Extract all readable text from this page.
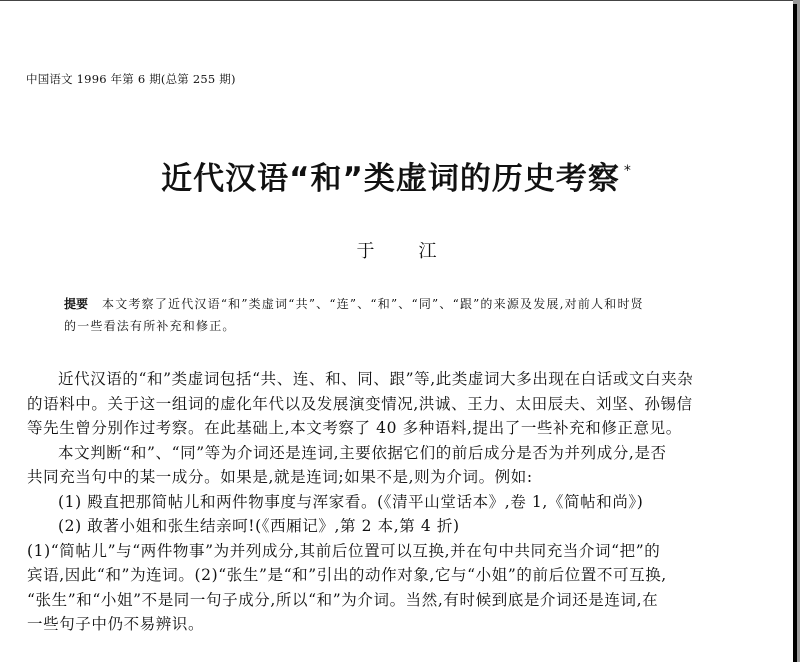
中国语文 1996 年第 6 期(总第 255 期)
近代汉语“和”类虚词的历史考察 *
于 江
提要 本文考察了近代汉语“和”类虚词“共”、“连”、“和”、“同”、“跟”的来源及发展,对前人和时贤
的一些看法有所补充和修正。

近代汉语的“和”类虚词包括“共、连、和、同、跟”等,此类虚词大多出现在白话或文白夹杂

的语料中。关于这一组词的虚化年代以及发展演变情况,洪诚、王力、太田辰夫、刘坚、孙锡信

等先生曾分别作过考察。在此基础上,本文考察了 40 多种语料,提出了一些补充和修正意见。

本文判断“和”、“同”等为介词还是连词,主要依据它们的前后成分是否为并列成分,是否

共同充当句中的某一成分。如果是,就是连词;如果不是,则为介词。例如:

(1) 殿直把那简帖儿和两件物事度与浑家看。(《清平山堂话本》,卷 1,《简帖和尚》)

(2) 敢著小姐和张生结亲呵!(《西厢记》,第 2 本,第 4 折)

(1)“简帖儿”与“两件物事”为并列成分,其前后位置可以互换,并在句中共同充当介词“把”的

宾语,因此“和”为连词。(2)“张生”是“和”引出的动作对象,它与“小姐”的前后位置不可互换,

“张生”和“小姐”不是同一句子成分,所以“和”为介词。当然,有时候到底是介词还是连词,在

一些句子中仍不易辨识。
